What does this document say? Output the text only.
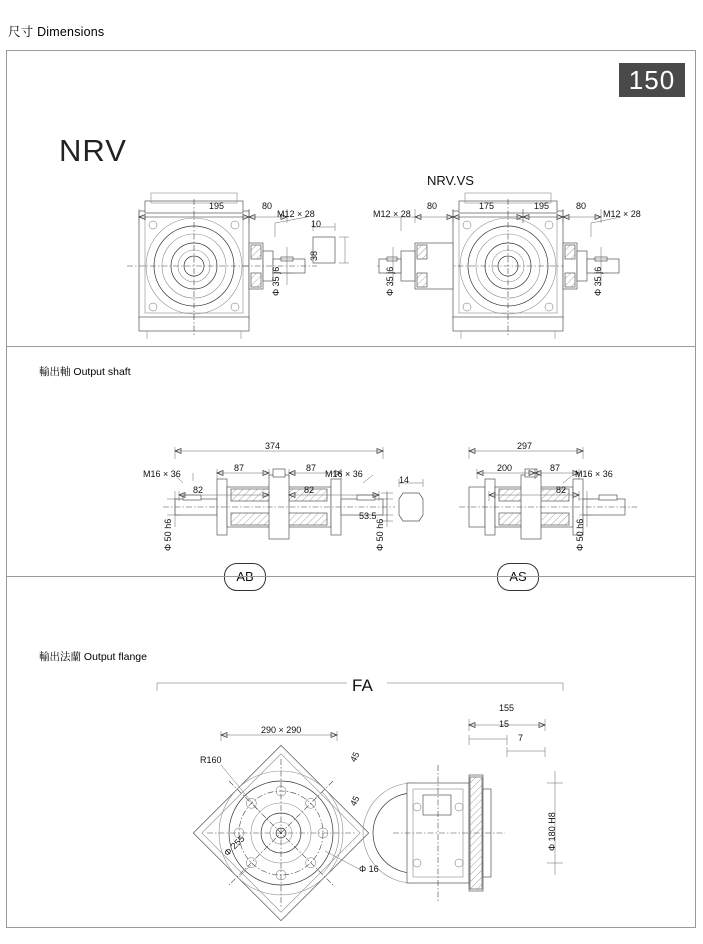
尺寸 Dimensions
NRV
150
NRV.VS
195	80
M12 × 28
Φ 35 j6
10
38
M12 × 28
80	175	195	80
M12 × 28
Φ 35 j6	Φ 35 j6
輸出軸 Output shaft
374
87	87
82	82
M16 × 36	M16 × 36
Φ 50 h6	Φ 50 h6
14
53.5
297
200	87
82
M16 × 36
Φ 50 h6
AB	AS
輸出法蘭 Output flange
FA
290 × 290
R160	45
45
Φ 255
Φ 16
155
15
7
Φ 180 H8
